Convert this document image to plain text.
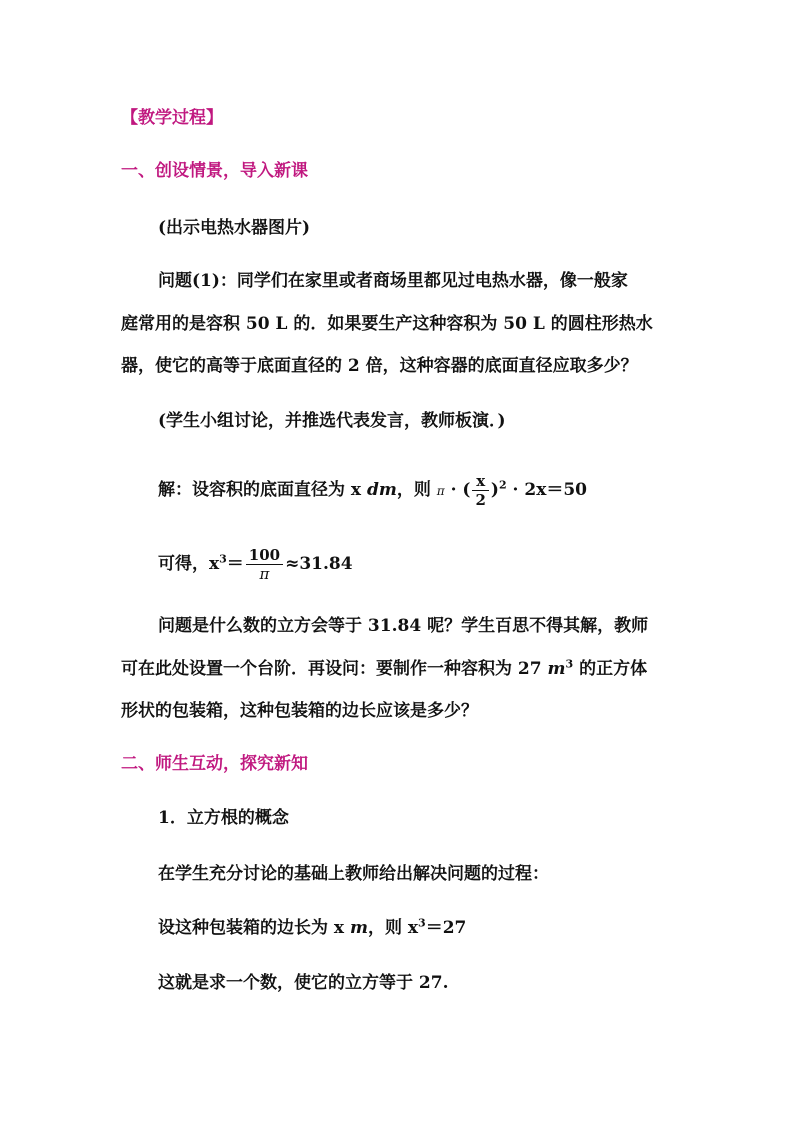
【教学过程】
一、创设情景，导入新课
(出示电热水器图片)
问题(1)：同学们在家里或者商场里都见过电热水器，像一般家
庭常用的是容积 50 L 的．如果要生产这种容积为 50 L 的圆柱形热水
器，使它的高等于底面直径的 2 倍，这种容器的底面直径应取多少？
(学生小组讨论，并推选代表发言，教师板演．)
解：设容积的底面直径为 x dm，则 π · ( $\frac{x}{2} )^2 \cdot 2x=50$
可得，$x^3= \frac{100}{\pi} \approx 31.84$
问题是什么数的立方会等于 31.84 呢？学生百思不得其解，教师
可在此处设置一个台阶．再设问：要制作一种容积为 27 $m^3$ 的正方体
形状的包装箱，这种包装箱的边长应该是多少？
二、师生互动，探究新知
1．立方根的概念
在学生充分讨论的基础上教师给出解决问题的过程：
设这种包装箱的边长为 x m，则 $x^3=27$
这就是求一个数，使它的立方等于 27.
